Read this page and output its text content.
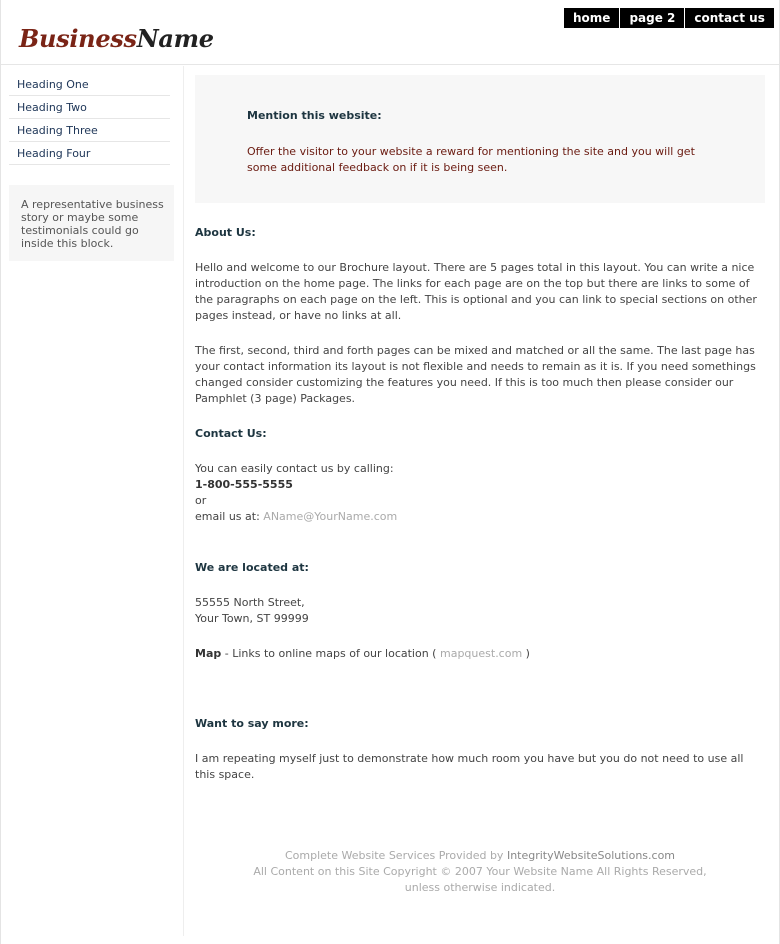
BusinessName
home	page 2	contact us
Heading One
Heading Two
Heading Three
Heading Four
A representative business story or maybe some testimonials could go inside this block.
Mention this website:

Offer the visitor to your website a reward for mentioning the site and you will get some additional feedback on if it is being seen.

About Us:

Hello and welcome to our Brochure layout. There are 5 pages total in this layout. You can write a nice introduction on the home page. The links for each page are on the top but there are links to some of the paragraphs on each page on the left. This is optional and you can link to special sections on other pages instead, or have no links at all.

The first, second, third and forth pages can be mixed and matched or all the same. The last page has your contact information its layout is not flexible and needs to remain as it is. If you need somethings changed consider customizing the features you need. If this is too much then please consider our Pamphlet (3 page) Packages.

Contact Us:

You can easily contact us by calling:
1-800-555-5555
or
email us at: AName@YourName.com

We are located at:

55555 North Street,
Your Town, ST 99999

Map - Links to online maps of our location ( mapquest.com )

Want to say more:

I am repeating myself just to demonstrate how much room you have but you do not need to use all this space.

Complete Website Services Provided by IntegrityWebsiteSolutions.com
All Content on this Site Copyright © 2007 Your Website Name All Rights Reserved, unless otherwise indicated.
